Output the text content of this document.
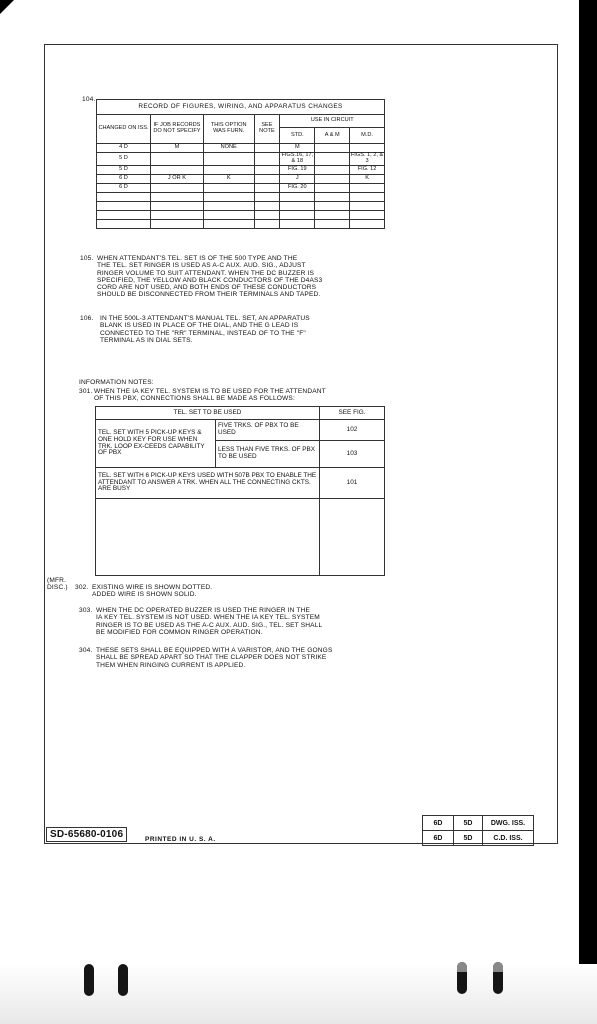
104.
RECORD OF FIGURES, WIRING, AND APPARATUS CHANGES						
CHANGED ON ISS.	IF JOB RECORDS DO NOT SPECIFY	THIS OPTION WAS FURN.	SEE NOTE	USE IN CIRCUIT		
				STD.	A & M	M.D.
4 D	M	NONE		M		
5 D				FIGS.16, 17, & 18		FIGS. 1, 2, & 3
5 D				FIG. 19		FIG. 12
6 D	J OR K	K		J		K
6 D				FIG. 20		

105. WHEN ATTENDANT'S TEL. SET IS OF THE 500 TYPE AND THE
THE TEL. SET RINGER IS USED AS A-C AUX. AUD. SIG., ADJUST
RINGER VOLUME TO SUIT ATTENDANT. WHEN THE DC BUZZER IS
SPECIFIED, THE YELLOW AND BLACK CONDUCTORS OF THE D4AS3
CORD ARE NOT USED, AND BOTH ENDS OF THESE CONDUCTORS
SHOULD BE DISCONNECTED FROM THEIR TERMINALS AND TAPED.
106. IN THE 500L-3 ATTENDANT'S MANUAL TEL. SET, AN APPARATUS
BLANK IS USED IN PLACE OF THE DIAL, AND THE G LEAD IS
CONNECTED TO THE "RR" TERMINAL, INSTEAD OF TO THE "F"
TERMINAL AS IN DIAL SETS.
INFORMATION NOTES:
301. WHEN THE IA KEY TEL. SYSTEM IS TO BE USED FOR THE ATTENDANT
OF THIS PBX, CONNECTIONS SHALL BE MADE AS FOLLOWS:
TEL. SET TO BE USED		SEE FIG.
TEL. SET WITH 5 PICK-UP KEYS & ONE HOLD KEY FOR USE WHEN TRK. LOOP EX-CEEDS CAPABILITY OF PBX	FIVE TRKS. OF PBX TO BE USED	102
	LESS THAN FIVE TRKS. OF PBX TO BE USED	103
TEL. SET WITH 6 PICK-UP KEYS USED WITH 507B PBX TO ENABLE THE ATTENDANT TO ANSWER A TRK. WHEN ALL THE CONNECTING CKTS. ARE BUSY		101

(MFR. DISC.)	302. EXISTING WIRE IS SHOWN DOTTED.
ADDED WIRE IS SHOWN SOLID.
303. WHEN THE DC OPERATED BUZZER IS USED THE RINGER IN THE
IA KEY TEL. SYSTEM IS NOT USED. WHEN THE IA KEY TEL. SYSTEM
RINGER IS TO BE USED AS THE A-C AUX. AUD. SIG., TEL. SET SHALL
BE MODIFIED FOR COMMON RINGER OPERATION.
304. THESE SETS SHALL BE EQUIPPED WITH A VARISTOR, AND THE GONGS
SHALL BE SPREAD APART SO THAT THE CLAPPER DOES NOT STRIKE
THEM WHEN RINGING CURRENT IS APPLIED.
SD-65680-0106	PRINTED IN U. S. A.
6D	5D	DWG. ISS.
6D	5D	C.D. ISS.
